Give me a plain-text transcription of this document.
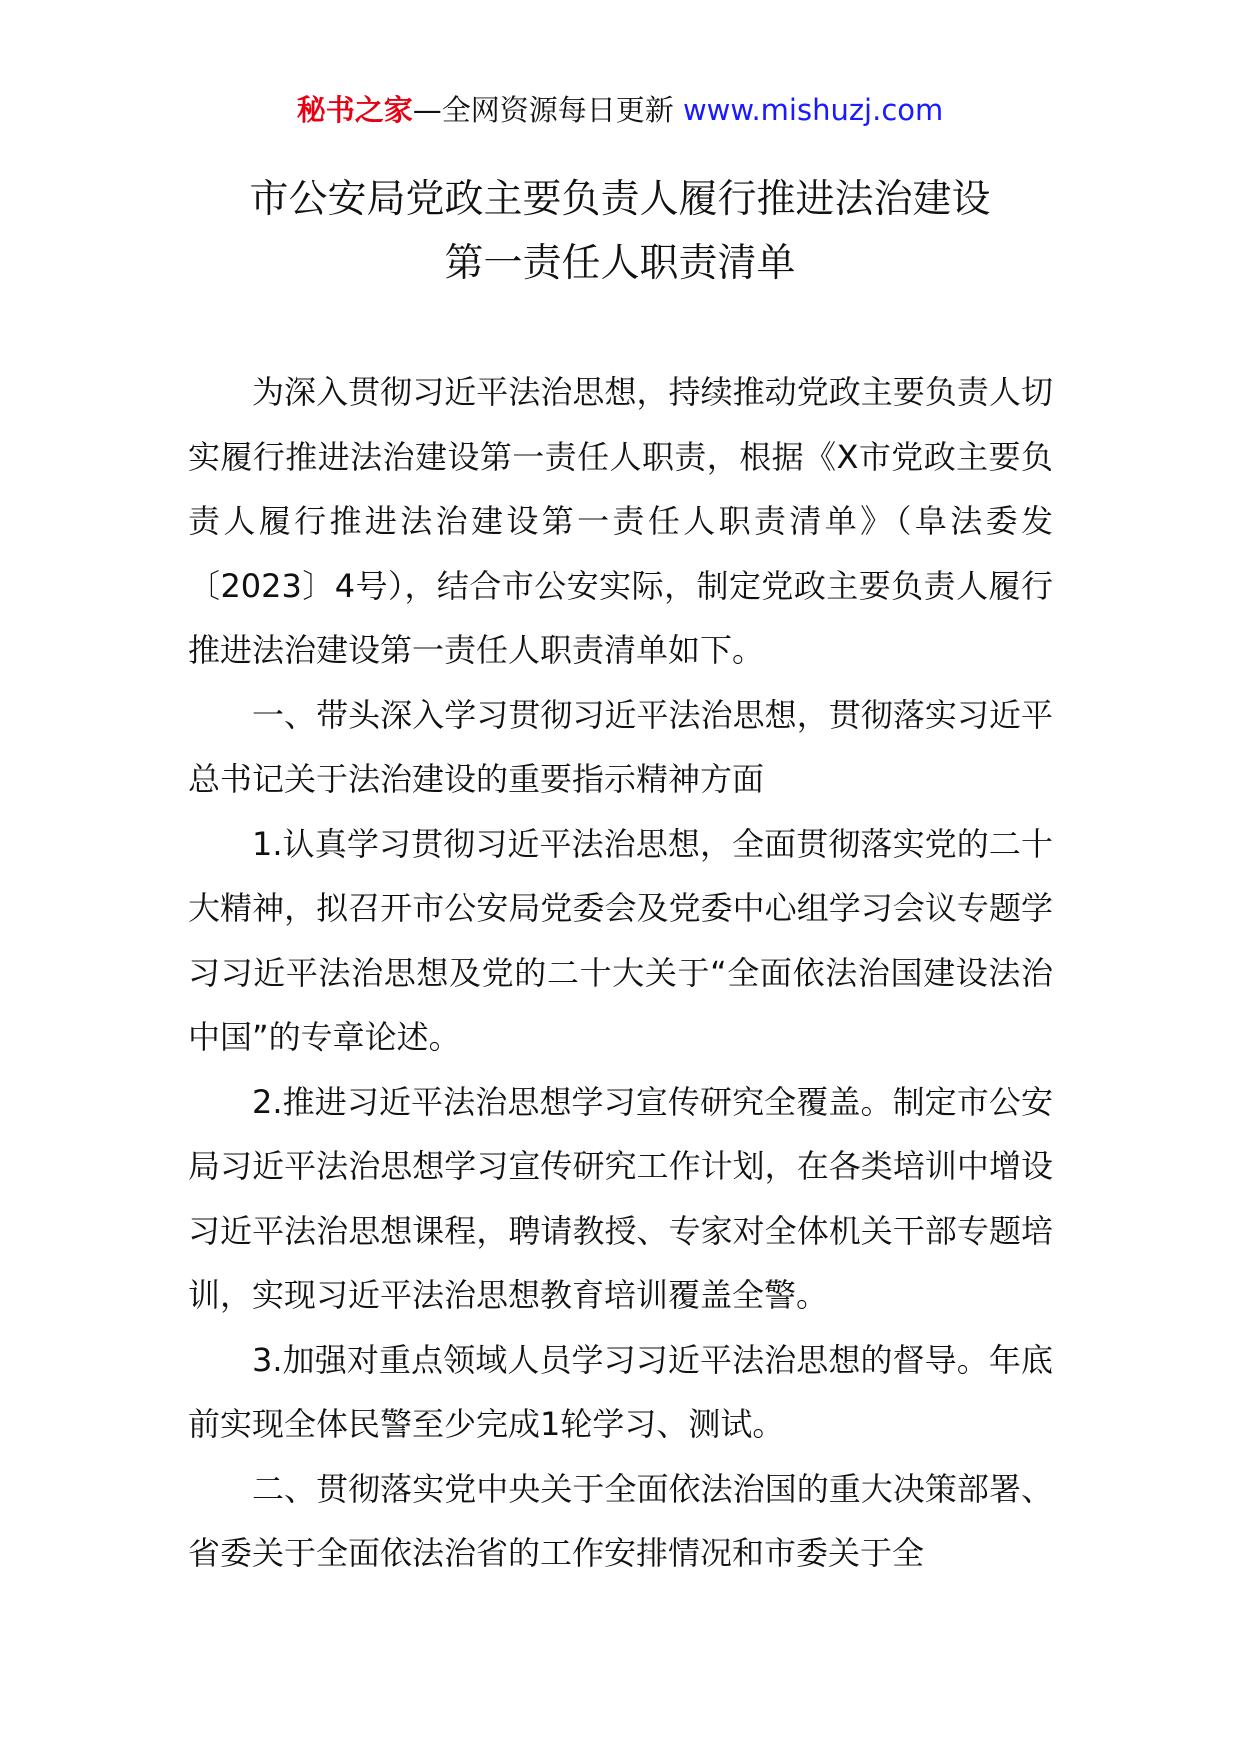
秘书之家—全网资源每日更新 www.mishuzj.com
市公安局党政主要负责人履行推进法治建设
第一责任人职责清单

为深入贯彻习近平法治思想，持续推动党政主要负责人切实履行推进法治建设第一责任人职责，根据《X市党政主要负责人履行推进法治建设第一责任人职责清单》（阜法委发〔2023〕4号），结合市公安实际，制定党政主要负责人履行推进法治建设第一责任人职责清单如下。

一、带头深入学习贯彻习近平法治思想，贯彻落实习近平总书记关于法治建设的重要指示精神方面

1.认真学习贯彻习近平法治思想，全面贯彻落实党的二十大精神，拟召开市公安局党委会及党委中心组学习会议专题学习习近平法治思想及党的二十大关于“全面依法治国建设法治中国”的专章论述。

2.推进习近平法治思想学习宣传研究全覆盖。制定市公安局习近平法治思想学习宣传研究工作计划，在各类培训中增设习近平法治思想课程，聘请教授、专家对全体机关干部专题培训，实现习近平法治思想教育培训覆盖全警。

3.加强对重点领域人员学习习近平法治思想的督导。年底前实现全体民警至少完成1轮学习、测试。

二、贯彻落实党中央关于全面依法治国的重大决策部署、省委关于全面依法治省的工作安排情况和市委关于全
